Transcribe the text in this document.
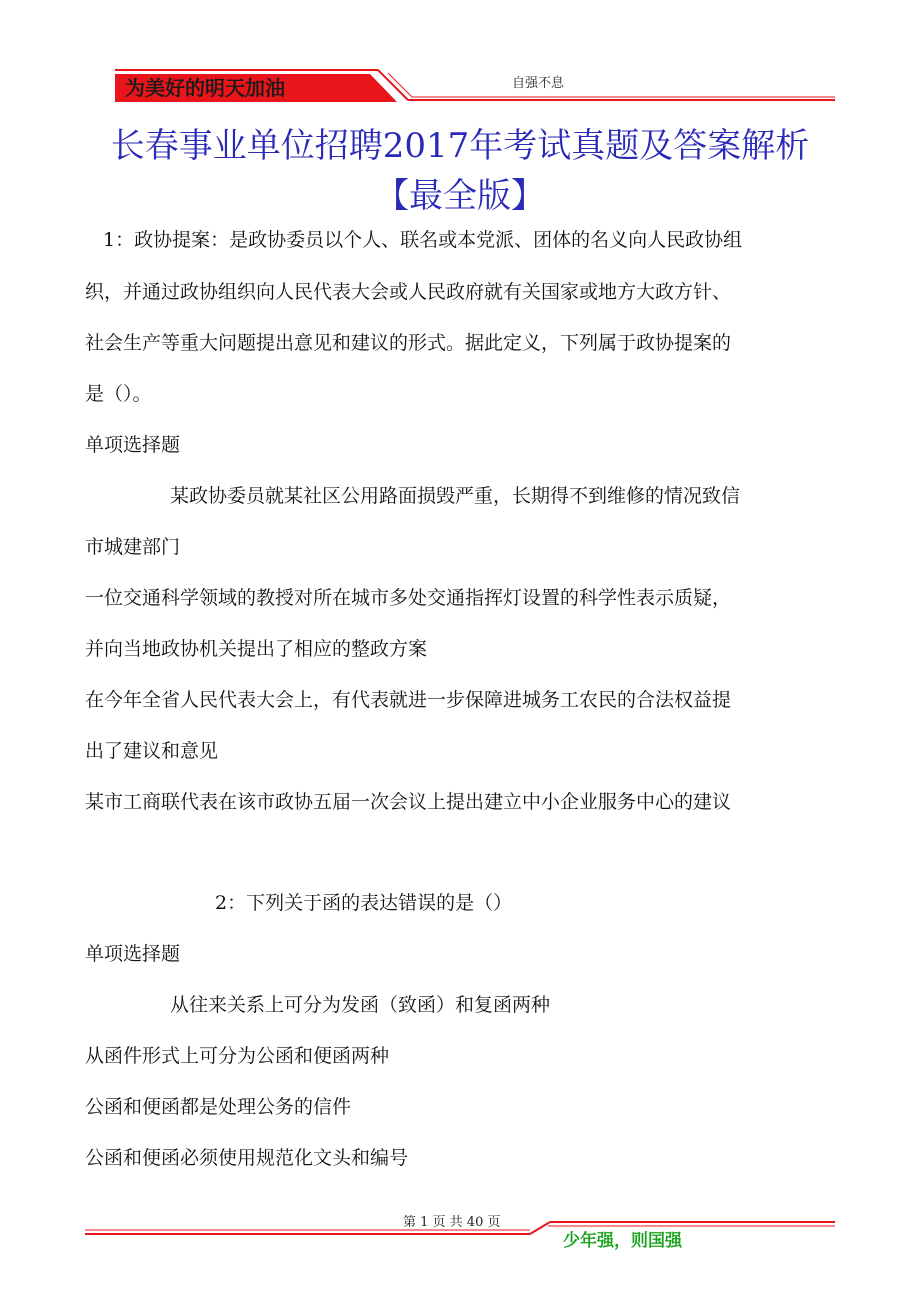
为美好的明天加油	自强不息
长春事业单位招聘2017年考试真题及答案解析
【最全版】
1：政协提案：是政协委员以个人、联名或本党派、团体的名义向人民政协组
织，并通过政协组织向人民代表大会或人民政府就有关国家或地方大政方针、
社会生产等重大问题提出意见和建议的形式。据此定义，下列属于政协提案的
是（）。
单项选择题
某政协委员就某社区公用路面损毁严重，长期得不到维修的情况致信
市城建部门
一位交通科学领域的教授对所在城市多处交通指挥灯设置的科学性表示质疑，
并向当地政协机关提出了相应的整政方案
在今年全省人民代表大会上，有代表就进一步保障进城务工农民的合法权益提
出了建议和意见
某市工商联代表在该市政协五届一次会议上提出建立中小企业服务中心的建议
2：下列关于函的表达错误的是（）
单项选择题
从往来关系上可分为发函（致函）和复函两种
从函件形式上可分为公函和便函两种
公函和便函都是处理公务的信件
公函和便函必须使用规范化文头和编号
第 1 页 共 40 页
少年强，则国强
